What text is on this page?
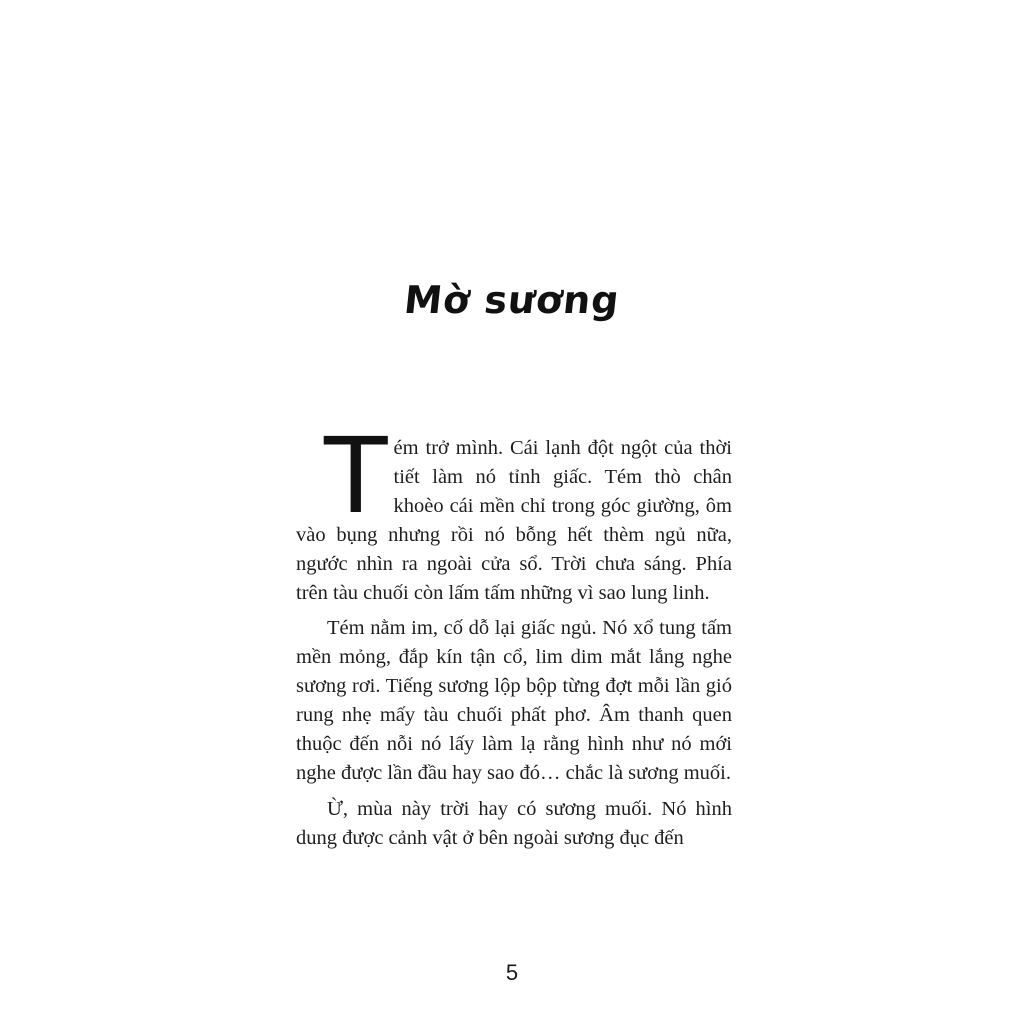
Mờ sương

Tém trở mình. Cái lạnh đột ngột của thời tiết làm nó tỉnh giấc. Tém thò chân khoèo cái mền chỉ trong góc giường, ôm vào bụng nhưng rồi nó bỗng hết thèm ngủ nữa, ngước nhìn ra ngoài cửa sổ. Trời chưa sáng. Phía trên tàu chuối còn lấm tấm những vì sao lung linh.

Tém nằm im, cố dỗ lại giấc ngủ. Nó xổ tung tấm mền mỏng, đắp kín tận cổ, lim dim mắt lắng nghe sương rơi. Tiếng sương lộp bộp từng đợt mỗi lần gió rung nhẹ mấy tàu chuối phất phơ. Âm thanh quen thuộc đến nỗi nó lấy làm lạ rằng hình như nó mới nghe được lần đầu hay sao đó… chắc là sương muối.

Ừ, mùa này trời hay có sương muối. Nó hình dung được cảnh vật ở bên ngoài sương đục đến

5
